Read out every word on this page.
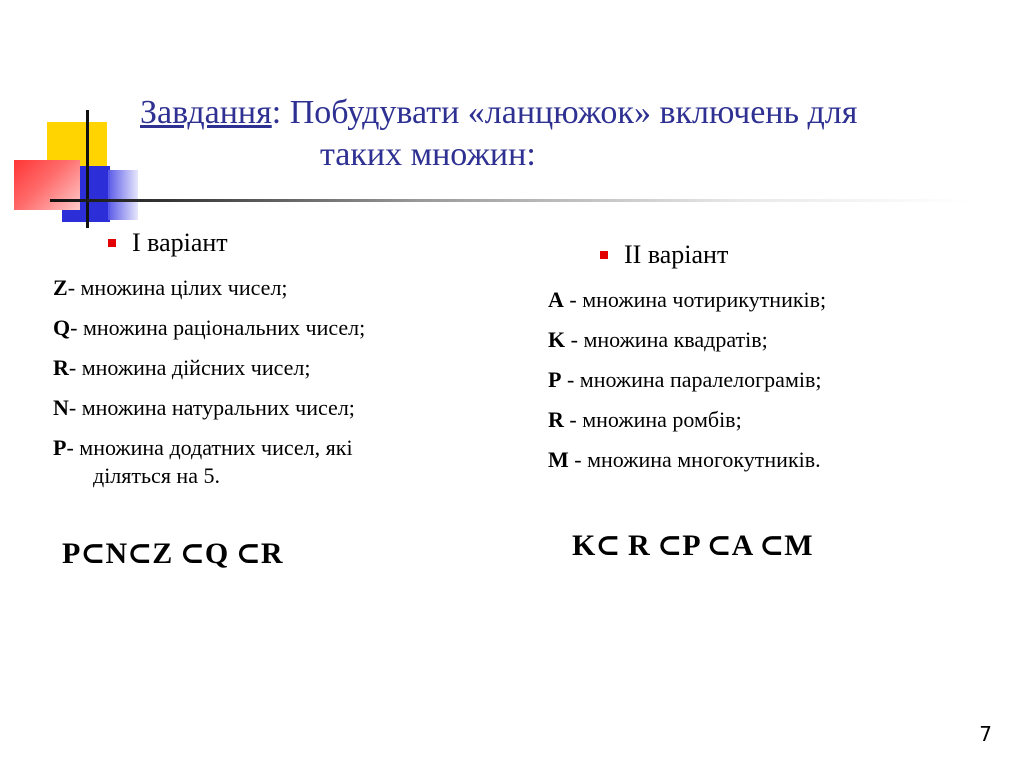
Завдання: Побудувати «ланцюжок» включень для
таких множин:
І варіант
Z- множина цілих чисел;
Q- множина раціональних чисел;
R- множина дійсних чисел;
N- множина натуральних чисел;
P- множина додатних чисел, які
діляться на 5.
P⊂N⊂Z ⊂Q ⊂R
ІІ варіант
А - множина чотирикутників;
K - множина квадратів;
P - множина паралелограмів;
R - множина ромбів;
M - множина многокутників.
K⊂ R ⊂P ⊂A ⊂M
7
